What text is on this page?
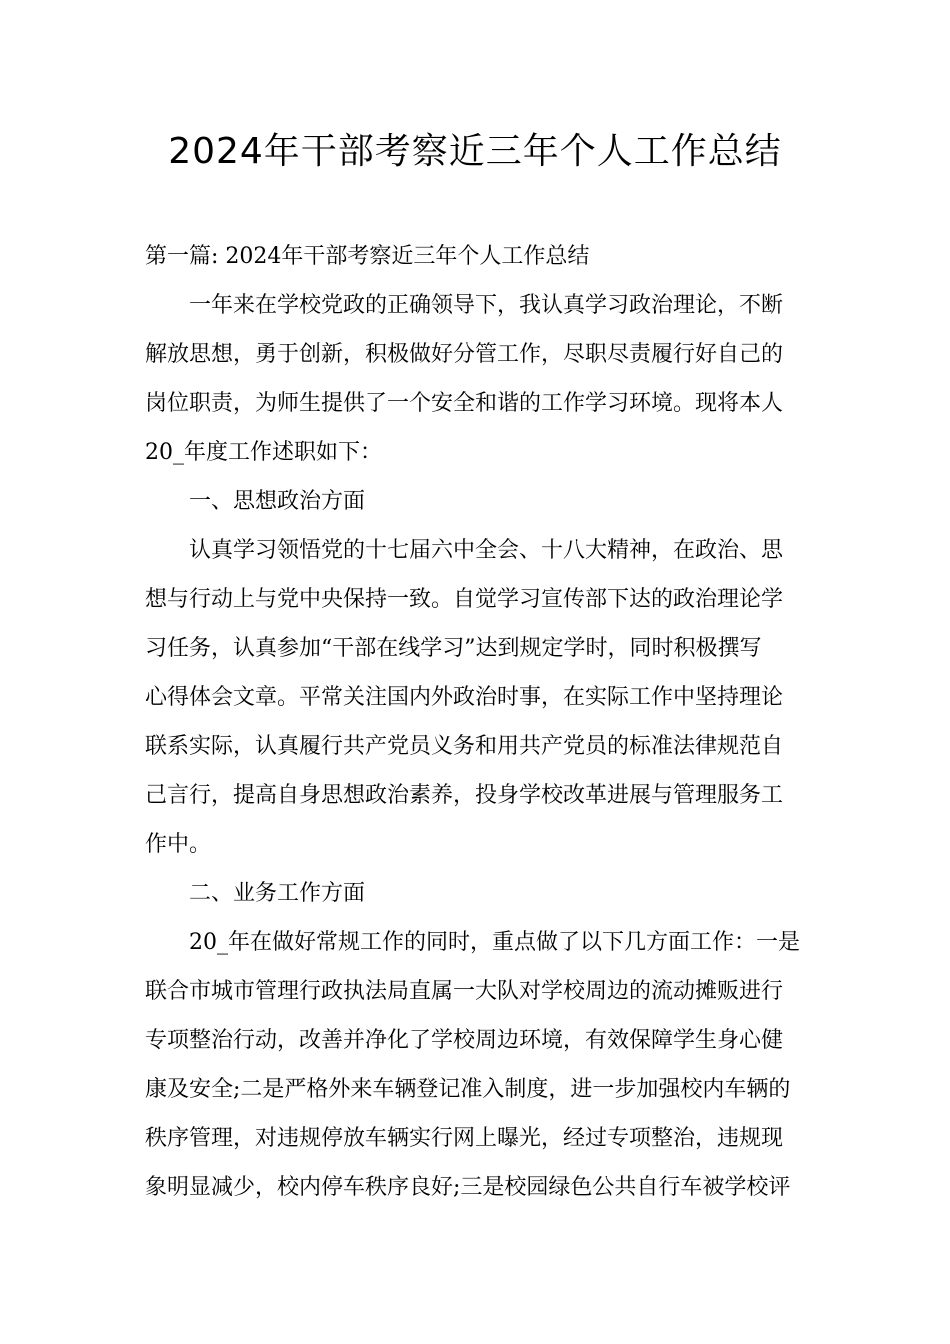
2024年干部考察近三年个人工作总结
第一篇: 2024年干部考察近三年个人工作总结
一年来在学校党政的正确领导下，我认真学习政治理论，不断
解放思想，勇于创新，积极做好分管工作，尽职尽责履行好自己的
岗位职责，为师生提供了一个安全和谐的工作学习环境。现将本人
20_年度工作述职如下：
一、思想政治方面
认真学习领悟党的十七届六中全会、十八大精神，在政治、思
想与行动上与党中央保持一致。自觉学习宣传部下达的政治理论学
习任务，认真参加“干部在线学习”达到规定学时，同时积极撰写
心得体会文章。平常关注国内外政治时事，在实际工作中坚持理论
联系实际，认真履行共产党员义务和用共产党员的标准法律规范自
己言行，提高自身思想政治素养，投身学校改革进展与管理服务工
作中。
二、业务工作方面
20_年在做好常规工作的同时，重点做了以下几方面工作：一是
联合市城市管理行政执法局直属一大队对学校周边的流动摊贩进行
专项整治行动，改善并净化了学校周边环境，有效保障学生身心健
康及安全;二是严格外来车辆登记准入制度，进一步加强校内车辆的
秩序管理，对违规停放车辆实行网上曝光，经过专项整治，违规现
象明显减少，校内停车秩序良好;三是校园绿色公共自行车被学校评
